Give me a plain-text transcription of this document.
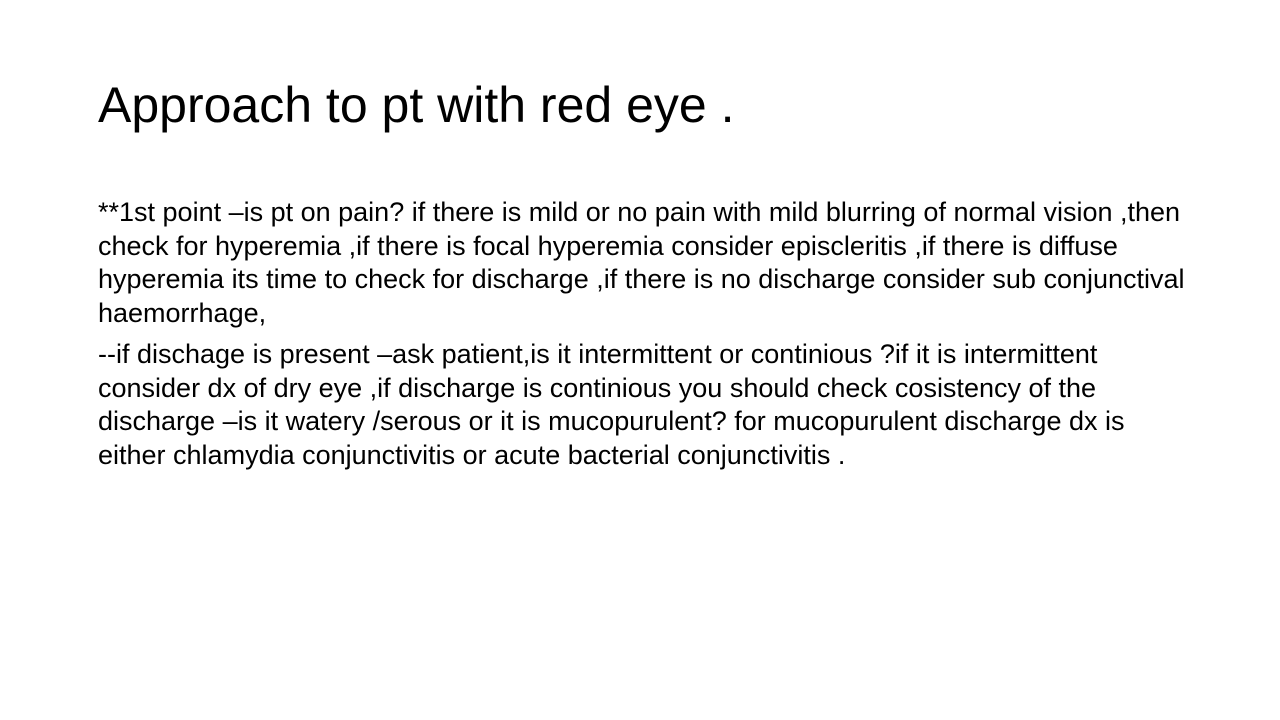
Approach to pt with red eye .

**1st point –is pt on pain? if there is mild or no pain with mild blurring of normal vision ,then check for hyperemia ,if there is focal hyperemia consider episcleritis ,if there is diffuse hyperemia its time to check for discharge ,if there is no discharge consider sub conjunctival haemorrhage,

--if dischage is present –ask patient,is it intermittent or continious ?if it is intermittent consider dx of dry eye ,if discharge is continious you should check cosistency of the discharge –is it watery /serous or it is mucopurulent? for mucopurulent discharge dx is either chlamydia conjunctivitis or acute bacterial conjunctivitis .
